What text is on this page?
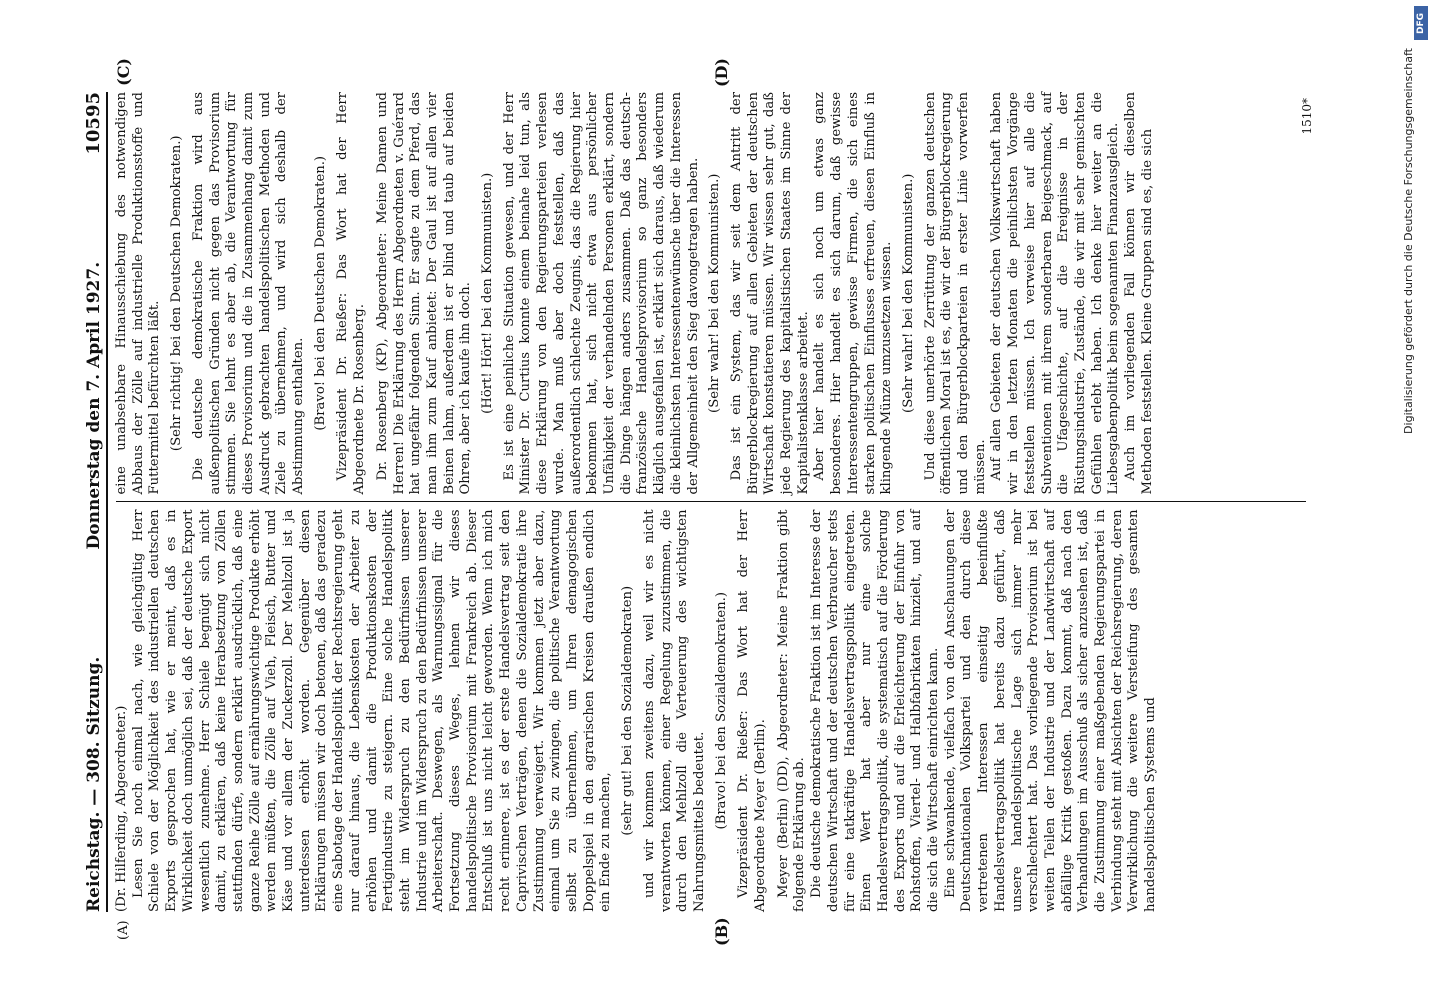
Reichstag. — 308. Sitzung.
Donnerstag den 7. April 1927.
10595
(A)	(B)

(Dr. Hilferding, Abgeordneter.) Lesen Sie noch einmal nach, wie gleichgültig Herr Schiele von der Möglichkeit des industriellen deutschen Exports gesprochen hat, wie er meint, daß es in Wirklichkeit doch unmöglich sei, daß der deutsche Export wesentlich zunehme. Herr Schiele begnügt sich nicht damit, zu erklären, daß keine Herabsetzung von Zöllen stattfinden dürfe, sondern erklärt ausdrücklich, daß eine ganze Reihe Zölle auf ernährungswichtige Produkte erhöht werden müßten, die Zölle auf Vieh, Fleisch, Butter und Käse und vor allem der Zuckerzoll. Der Mehlzoll ist ja unterdessen erhöht worden. Gegenüber diesen Erklärungen müssen wir doch betonen, daß das geradezu eine Sabotage der Handelspolitik der Rechtsregierung geht nur darauf hinaus, die Lebenskosten der Arbeiter zu erhöhen und damit die Produktionskosten der Fertigindustrie zu steigern. Eine solche Handelspolitik steht im Widerspruch zu den Bedürfnissen unserer Industrie und im Widerspruch zu den Bedürfnissen unserer Arbeiterschaft. Deswegen, als Warnungssignal für die Fortsetzung dieses Weges, lehnen wir dieses handelspolitische Provisorium mit Frankreich ab. Dieser Entschluß ist uns nicht leicht geworden. Wenn ich mich recht erinnere, ist es der erste Handelsvertrag seit den Caprivischen Verträgen, denen die Sozialdemokratie ihre Zustimmung verweigert. Wir kommen jetzt aber dazu, einmal um Sie zu zwingen, die politische Verantwortung selbst zu übernehmen, um Ihren demagogischen Doppelspiel in den agrarischen Kreisen draußen endlich ein Ende zu machen,

(sehr gut! bei den Sozialdemokraten) und wir kommen zweitens dazu, weil wir es nicht verantworten können, einer Regelung zuzustimmen, die durch den Mehlzoll die Verteuerung des wichtigsten Nahrungsmittels bedeutet. (Bravo! bei den Sozialdemokraten.) Vizepräsident Dr. Rießer: Das Wort hat der Herr Abgeordnete Meyer (Berlin). Meyer (Berlin) (DD), Abgeordneter: Meine Fraktion gibt folgende Erklärung ab. Die deutsche demokratische Fraktion ist im Interesse der deutschen Wirtschaft und der deutschen Verbraucher stets für eine tatkräftige Handelsvertragspolitik eingetreten. Einen Wert hat aber nur eine solche Handelsvertragspolitik, die systematisch auf die Förderung des Exports und auf die Erleichterung der Einfuhr von Rohstoffen, Viertel- und Halbfabrikaten hinzielt, und auf die sich die Wirtschaft einrichten kann. Eine schwankende, vielfach von den Anschauungen der Deutschnationalen Volkspartei und den durch diese vertretenen Interessen einseitig beeinflußte Handelsvertragspolitik hat bereits dazu geführt, daß unsere handelspolitische Lage sich immer mehr verschlechtert hat. Das vorliegende Provisorium ist bei weiten Teilen der Industrie und der Landwirtschaft auf abfällige Kritik gestoßen. Dazu kommt, daß nach den Verhandlungen im Ausschuß als sicher anzusehen ist, daß die Zustimmung einer maßgebenden Regierungspartei in Verbindung steht mit Absichten der Reichsregierung, deren Verwirklichung die weitere Versteifung des gesamten handelspolitischen Systems und

(C)	(D)

eine unabsehbare Hinausschiebung des notwendigen Abbaus der Zölle auf industrielle Produktionsstoffe und Futtermittel befürchten läßt. (Sehr richtig! bei den Deutschen Demokraten.) Die deutsche demokratische Fraktion wird aus außenpolitischen Gründen nicht gegen das Provisorium stimmen. Sie lehnt es aber ab, die Verantwortung für dieses Provisorium und die in Zusammenhang damit zum Ausdruck gebrachten handelspolitischen Methoden und Ziele zu übernehmen, und wird sich deshalb der Abstimmung enthalten. (Bravo! bei den Deutschen Demokraten.) Vizepräsident Dr. Rießer: Das Wort hat der Herr Abgeordnete Dr. Rosenberg. Dr. Rosenberg (KP), Abgeordneter: Meine Damen und Herren! Die Erklärung des Herrn Abgeordneten v. Guérard hat ungefähr folgenden Sinn. Er sagte zu dem Pferd, das man ihm zum Kauf anbietet: Der Gaul ist auf allen vier Beinen lahm, außerdem ist er blind und taub auf beiden Ohren, aber ich kaufe ihn doch. (Hört! Hört! bei den Kommunisten.) Es ist eine peinliche Situation gewesen, und der Herr Minister Dr. Curtius konnte einem beinahe leid tun, als diese Erklärung von den Regierungsparteien verlesen wurde. Man muß aber doch feststellen, daß das außerordentlich schlechte Zeugnis, das die Regierung hier bekommen hat, sich nicht etwa aus persönlicher Unfähigkeit der verhandelnden Personen erklärt, sondern die Dinge hängen anders zusammen. Daß das deutsch-französische Handelsprovisorium so ganz besonders kläglich ausgefallen ist, erklärt sich daraus, daß wiederum die kleinlichsten Interessentenwünsche über die Interessen der Allgemeinheit den Sieg davongetragen haben. (Sehr wahr! bei den Kommunisten.) Das ist ein System, das wir seit dem Antritt der Bürgerblockregierung auf allen Gebieten der deutschen Wirtschaft konstatieren müssen. Wir wissen sehr gut, daß jede Regierung des kapitalistischen Staates im Sinne der Kapitalistenklasse arbeitet. Aber hier handelt es sich noch um etwas ganz besonderes. Hier handelt es sich darum, daß gewisse Interessentengruppen, gewisse Firmen, die sich eines starken politischen Einflusses erfreuen, diesen Einfluß in klingende Münze umzusetzen wissen. (Sehr wahr! bei den Kommunisten.) Und diese unerhörte Zerrüttung der ganzen deutschen öffentlichen Moral ist es, die wir der Bürgerblockregierung und den Bürgerblockparteien in erster Linie vorwerfen müssen. Auf allen Gebieten der deutschen Volkswirtschaft haben wir in den letzten Monaten die peinlichsten Vorgänge feststellen müssen. Ich verweise hier auf alle die Subventionen mit ihrem sonderbaren Beigeschmack, auf die Ufageschichte, auf die Ereignisse in der Rüstungsindustrie, Zustände, die wir mit sehr gemischten Gefühlen erlebt haben. Ich denke hier weiter an die Liebesgabenpolitik beim sogenannten Finanzausgleich. Auch im vorliegenden Fall können wir dieselben Methoden feststellen. Kleine Gruppen sind es, die sich

1510*	Digitalisierung gefördert durch die Deutsche Forschungsgemeinschaft
DFG
